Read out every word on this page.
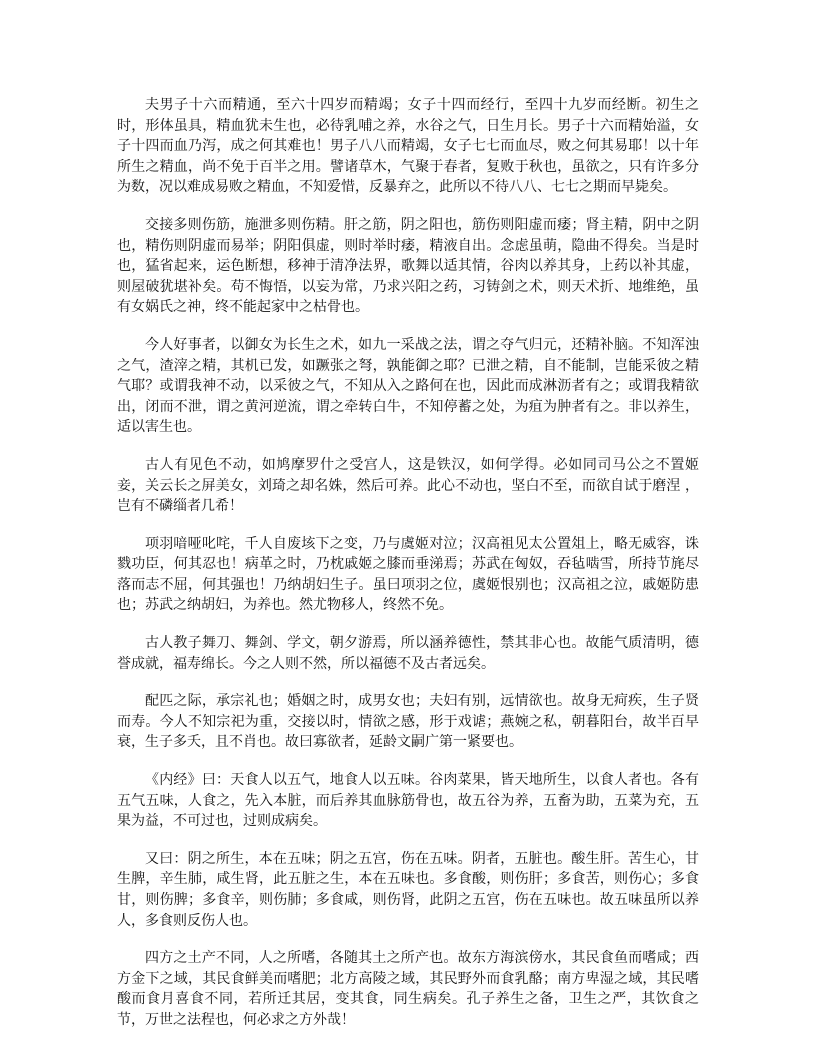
夫男子十六而精通，至六十四岁而精竭；女子十四而经行，至四十九岁而经断。初生之时，形体虽具，精血犹未生也，必待乳哺之养，水谷之气，日生月长。男子十六而精始溢，女子十四而血乃泻，成之何其难也！男子八八而精竭，女子七七而血尽，败之何其易耶！以十年所生之精血，尚不免于百半之用。譬诸草木，气聚于春者，复败于秋也，虽欲之，只有许多分为数，况以难成易败之精血，不知爱惜，反暴弃之，此所以不待八八、七七之期而早毙矣。

交接多则伤筋，施泄多则伤精。肝之筋，阴之阳也，筋伤则阳虚而痿；肾主精，阴中之阴也，精伤则阴虚而易举；阴阳俱虚，则时举时痿，精液自出。念虑虽萌，隐曲不得矣。当是时也，猛省起来，运色断想，移神于清净法界，歌舞以适其情，谷肉以养其身，上药以补其虚，则屋破犹堪补矣。苟不悔悟，以妄为常，乃求兴阳之药，习铸剑之术，则天术折、地维绝，虽有女娲氏之神，终不能起家中之枯骨也。

今人好事者，以御女为长生之术，如九一采战之法，谓之夺气归元，还精补脑。不知浑浊之气，渣滓之精，其机已发，如蹶张之弩，孰能御之耶？已泄之精，自不能制，岂能采彼之精气耶？或谓我神不动，以采彼之气，不知从入之路何在也，因此而成淋沥者有之；或谓我精欲出，闭而不泄，谓之黄河逆流，谓之牵转白牛，不知停蓄之处，为疽为肿者有之。非以养生，适以害生也。

古人有见色不动，如鸠摩罗什之受宫人，这是铁汉，如何学得。必如同司马公之不置姬妾，关云长之屏美女，刘琦之却名姝，然后可养。此心不动也，坚白不至，而欲自试于磨涅 ，岂有不磷缁者几希！

项羽喑哑叱咤，千人自废垓下之变，乃与虞姬对泣；汉高祖见太公置俎上，略无威容，诛戮功臣，何其忍也！病革之时，乃枕戚姬之膝而垂涕焉；苏武在匈奴，吞毡啮雪，所持节旄尽落而志不屈，何其强也！乃纳胡妇生子。虽曰项羽之位，虞姬恨别也；汉高祖之泣，戚姬防患也；苏武之纳胡妇，为养也。然尤物移人，终然不免。

古人教子舞刀、舞剑、学文，朝夕游焉，所以涵养德性，禁其非心也。故能气质清明，德誉成就，福寿绵长。今之人则不然，所以福德不及古者远矣。

配匹之际，承宗礼也；婚姻之时，成男女也；夫妇有别，远情欲也。故身无疴疾，生子贤而寿。今人不知宗祀为重，交接以时，情欲之感，形于戏谑；燕婉之私，朝暮阳台，故半百早衰，生子多夭，且不肖也。故曰寡欲者，延龄文嗣广第一紧要也。

《内经》曰：天食人以五气，地食人以五味。谷肉菜果，皆天地所生，以食人者也。各有五气五味，人食之，先入本脏，而后养其血脉筋骨也，故五谷为养，五畜为助，五菜为充，五果为益，不可过也，过则成病矣。

又曰：阴之所生，本在五味；阴之五宫，伤在五味。阴者，五脏也。酸生肝。苦生心，甘生脾，辛生肺，咸生肾，此五脏之生，本在五味也。多食酸，则伤肝；多食苦，则伤心；多食甘，则伤脾；多食辛，则伤肺；多食咸，则伤肾，此阴之五宫，伤在五味也。故五味虽所以养人，多食则反伤人也。

四方之土产不同，人之所嗜，各随其土之所产也。故东方海滨傍水，其民食鱼而嗜咸；西方金下之域，其民食鲜美而嗜肥；北方高陵之域，其民野外而食乳酪；南方卑湿之域，其民嗜酸而食月喜食不同，若所迁其居，变其食，同生病矣。孔子养生之备，卫生之严，其饮食之节，万世之法程也，何必求之方外哉！
